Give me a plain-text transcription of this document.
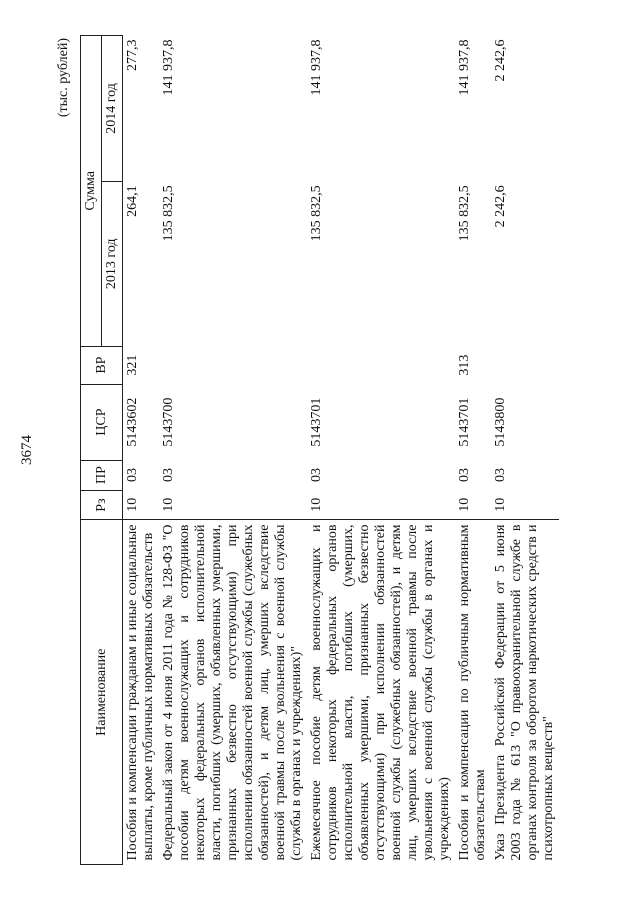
3674
(тыс. рублей)
Наименование	Рз	ПР	ЦСР	ВР	Сумма	
					2013 год	2014 год
Пособия и компенсации гражданам и иные социальные выплаты, кроме публичных нормативных обязательств	10	03	5143602	321	264,1	277,3
Федеральный закон от 4 июня 2011 года № 128-ФЗ "О пособии детям военнослужащих и сотрудников некоторых федеральных органов исполнительной власти, погибших (умерших, объявленных умершими, признанных безвестно отсутствующими) при исполнении обязанностей военной службы (служебных обязанностей), и детям лиц, умерших вследствие военной травмы после увольнения с военной службы (службы в органах и учреждениях)"	10	03	5143700		135 832,5	141 937,8
Ежемесячное пособие детям военнослужащих и сотрудников некоторых федеральных органов исполнительной власти, погибших (умерших, объявленных умершими, признанных безвестно отсутствующими) при исполнении обязанностей военной службы (служебных обязанностей), и детям лиц, умерших вследствие военной травмы после увольнения с военной службы (службы в органах и учреждениях)	10	03	5143701		135 832,5	141 937,8
Пособия и компенсации по публичным нормативным обязательствам	10	03	5143701	313	135 832,5	141 937,8
Указ Президента Российской Федерации от 5 июня 2003 года № 613 "О правоохранительной службе в органах контроля за оборотом наркотических средств и психотропных веществ"	10	03	5143800		2 242,6	2 242,6
